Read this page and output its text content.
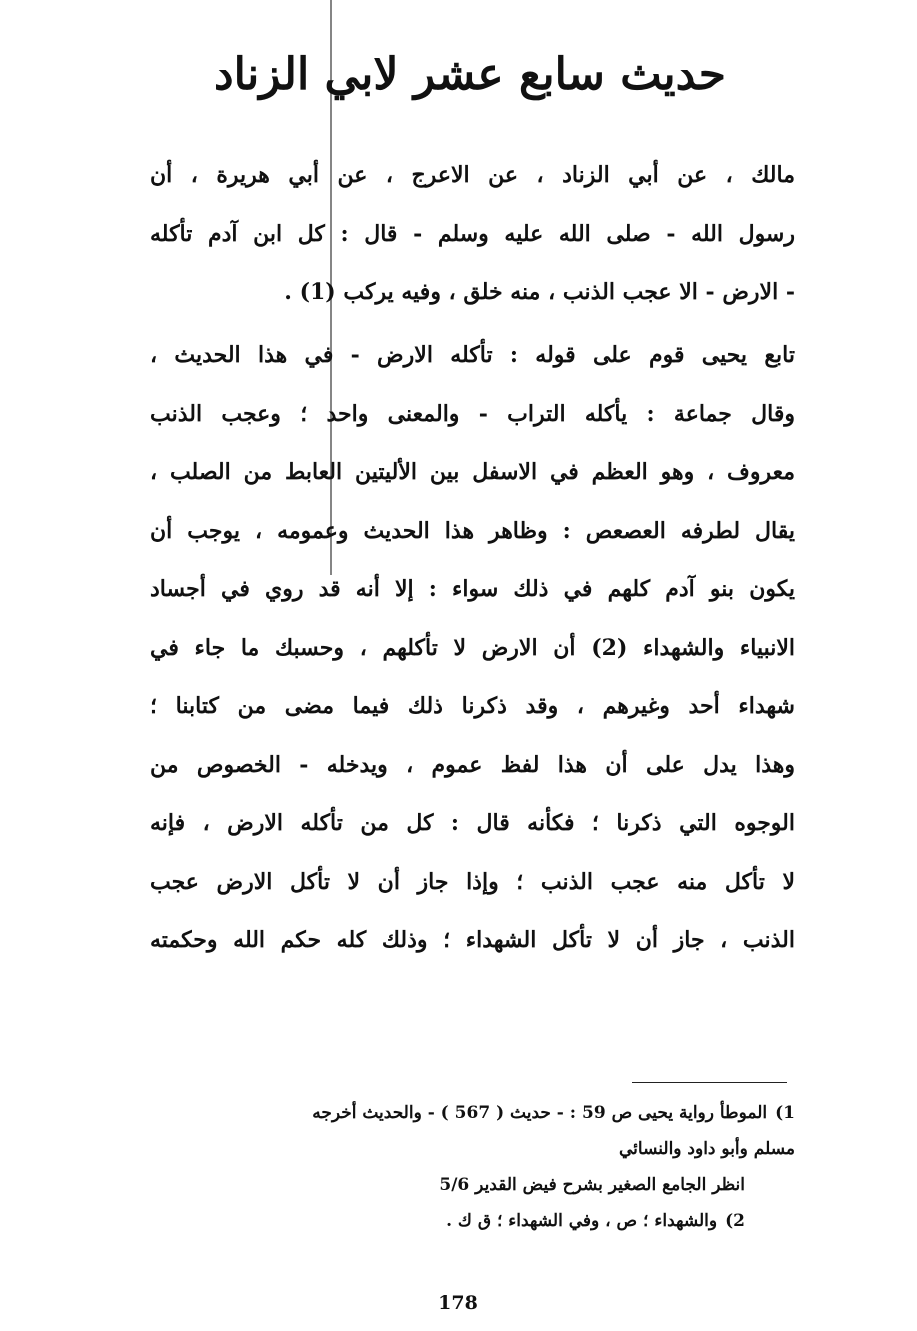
حديث سابع عشر لابي الزناد
مالك ، عن أبي الزناد ، عن الاعرج ، عن أبي هريرة ، أن
رسول الله - صلى الله عليه وسلم - قال : كل ابن آدم تأكله
- الارض - الا عجب الذنب ، منه خلق ، وفيه يركب (1) .
تابع يحيى قوم على قوله : تأكله الارض - في هذا الحديث ،
وقال جماعة : يأكله التراب - والمعنى واحد ؛ وعجب الذنب
معروف ، وهو العظم في الاسفل بين الأليتين العابط من الصلب ،
يقال لطرفه العصعص : وظاهر هذا الحديث وعمومه ، يوجب أن
يكون بنو آدم كلهم في ذلك سواء : إلا أنه قد روي في أجساد
الانبياء والشهداء (2) أن الارض لا تأكلهم ، وحسبك ما جاء في
شهداء أحد وغيرهم ، وقد ذكرنا ذلك فيما مضى من كتابنا ؛
وهذا يدل على أن هذا لفظ عموم ، ويدخله - الخصوص من
الوجوه التي ذكرنا ؛ فكأنه قال : كل من تأكله الارض ، فإنه
لا تأكل منه عجب الذنب ؛ وإذا جاز أن لا تأكل الارض عجب
الذنب ، جاز أن لا تأكل الشهداء ؛ وذلك كله حكم الله وحكمته
1)الموطأ رواية يحيى ص 59 : - حديث ( 567 ) - والحديث أخرجه
مسلم وأبو داود والنسائي
انظر الجامع الصغير بشرح فيض القدير 5/6
2)والشهداء ؛ ص ، وفي الشهداء ؛ ق ك .
178
